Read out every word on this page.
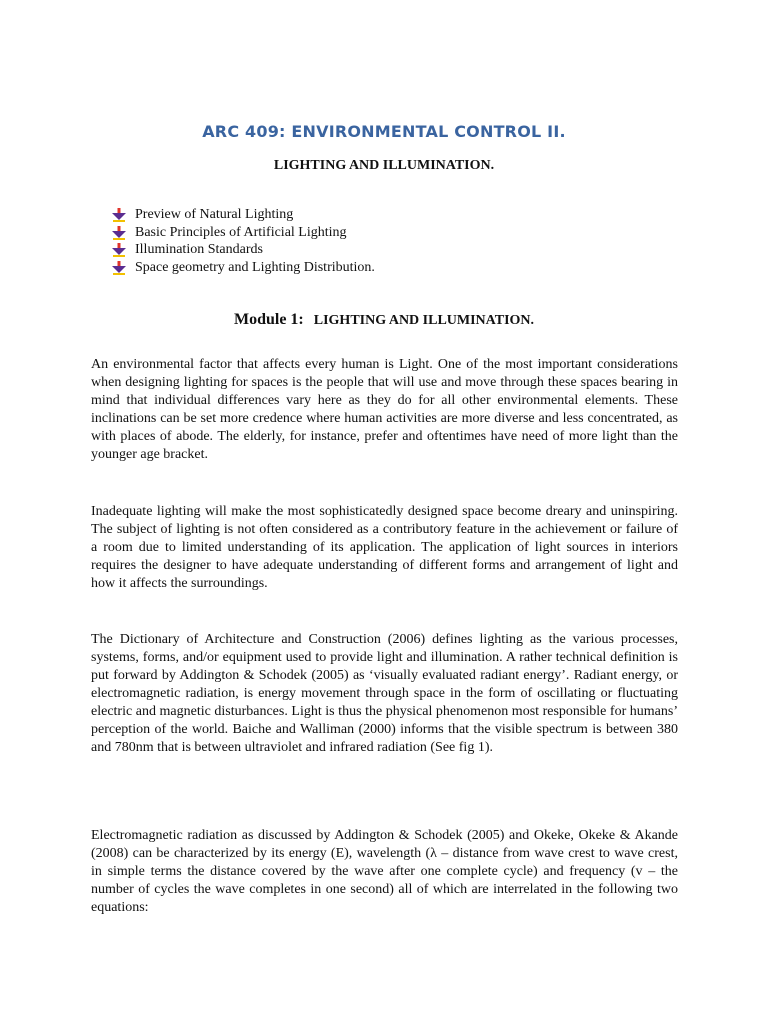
ARC 409: ENVIRONMENTAL CONTROL II.
LIGHTING AND ILLUMINATION.
Preview of Natural Lighting
Basic Principles of Artificial Lighting
Illumination Standards
Space geometry and Lighting Distribution.
Module 1: LIGHTING AND ILLUMINATION.

An environmental factor that affects every human is Light. One of the most important considerations when designing lighting for spaces is the people that will use and move through these spaces bearing in mind that individual differences vary here as they do for all other environmental elements. These inclinations can be set more credence where human activities are more diverse and less concentrated, as with places of abode. The elderly, for instance, prefer and oftentimes have need of more light than the younger age bracket.

Inadequate lighting will make the most sophisticatedly designed space become dreary and uninspiring. The subject of lighting is not often considered as a contributory feature in the achievement or failure of a room due to limited understanding of its application. The application of light sources in interiors requires the designer to have adequate understanding of different forms and arrangement of light and how it affects the surroundings.

The Dictionary of Architecture and Construction (2006) defines lighting as the various processes, systems, forms, and/or equipment used to provide light and illumination. A rather technical definition is put forward by Addington & Schodek (2005) as ‘visually evaluated radiant energy’. Radiant energy, or electromagnetic radiation, is energy movement through space in the form of oscillating or fluctuating electric and magnetic disturbances. Light is thus the physical phenomenon most responsible for humans’ perception of the world. Baiche and Walliman (2000) informs that the visible spectrum is between 380 and 780nm that is between ultraviolet and infrared radiation (See fig 1).

Electromagnetic radiation as discussed by Addington & Schodek (2005) and Okeke, Okeke & Akande (2008) can be characterized by its energy (E), wavelength (λ – distance from wave crest to wave crest, in simple terms the distance covered by the wave after one complete cycle) and frequency (v – the number of cycles the wave completes in one second) all of which are interrelated in the following two equations:
